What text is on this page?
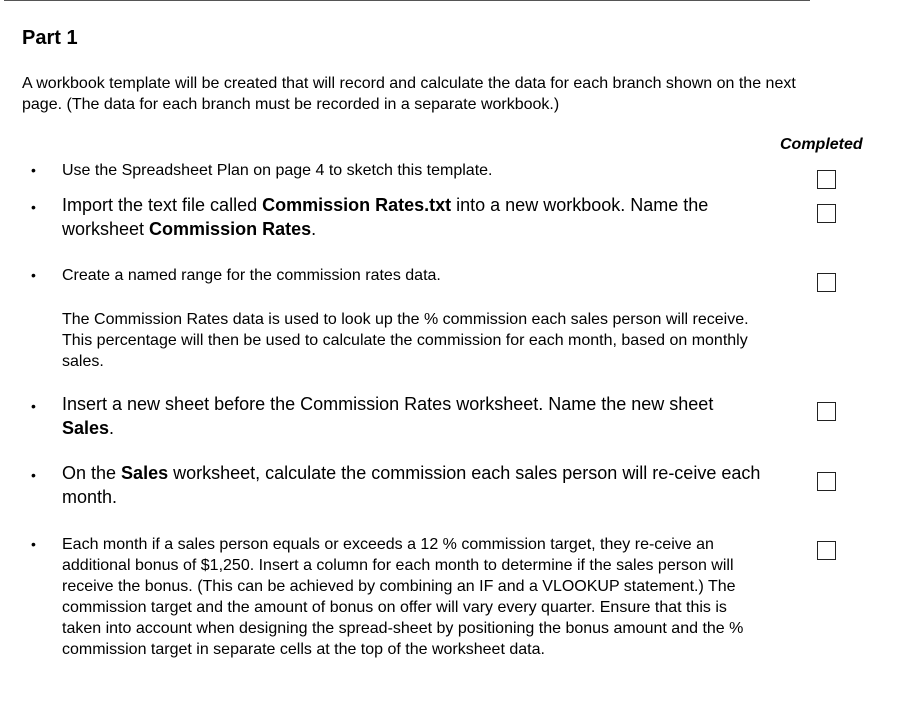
Part 1

A workbook template will be created that will record and calculate the data for each branch shown on the next page. (The data for each branch must be recorded in a separate workbook.)

Completed
• Use the Spreadsheet Plan on page 4 to sketch this template.

• Import the text file called Commission Rates.txt into a new workbook. Name the worksheet Commission Rates.

• Create a named range for the commission rates data.

The Commission Rates data is used to look up the % commission each sales person will receive. This percentage will then be used to calculate the commission for each month, based on monthly sales.

• Insert a new sheet before the Commission Rates worksheet. Name the new sheet Sales.

• On the Sales worksheet, calculate the commission each sales person will re-ceive each month.

• Each month if a sales person equals or exceeds a 12 % commission target, they re-ceive an additional bonus of $1,250. Insert a column for each month to determine if the sales person will receive the bonus. (This can be achieved by combining an IF and a VLOOKUP statement.) The commission target and the amount of bonus on offer will vary every quarter. Ensure that this is taken into account when designing the spread-sheet by positioning the bonus amount and the % commission target in separate cells at the top of the worksheet data.
